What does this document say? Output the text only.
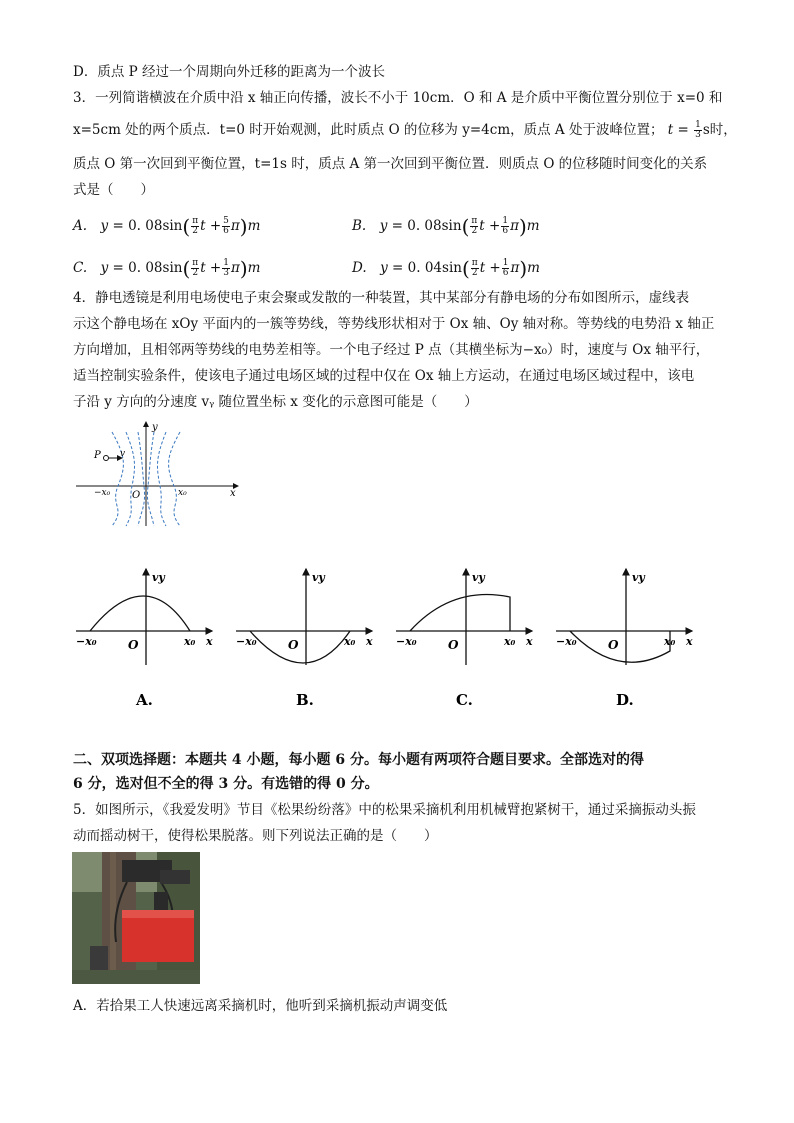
D．质点 P 经过一个周期向外迁移的距离为一个波长
3．一列简谐横波在介质中沿 x 轴正向传播，波长不小于 10cm．O 和 A 是介质中平衡位置分别位于 x=0 和
x=5cm 处的两个质点．t=0 时开始观测，此时质点 O 的位移为 y=4cm，质点 A 处于波峰位置； $t = \frac{1}{3}$ s时，
质点 O 第一次回到平衡位置，t=1s 时，质点 A 第一次回到平衡位置．则质点 O 的位移随时间变化的关系
式是（　　）
A.　 y = 0. $08\sin( \frac{\pi}{2}$ $t + \frac{5}{6} \pi)m$	B.　 y = 0. $08\sin( \frac{\pi}{2}$ $t + \frac{1}{6} \pi)m$
C.　 y = 0. $08\sin( \frac{\pi}{2}$ $t + \frac{1}{3} \pi)m$	D.　 y = 0. $04\sin( \frac{\pi}{2}$ $t + \frac{1}{6} \pi)m$
4．静电透镜是利用电场使电子束会聚或发散的一种装置，其中某部分有静电场的分布如图所示，虚线表
示这个静电场在 xOy 平面内的一簇等势线，等势线形状相对于 Ox 轴、Oy 轴对称。等势线的电势沿 x 轴正
方向增加，且相邻两等势线的电势差相等。一个电子经过 P 点（其横坐标为−x₀）时，速度与 Ox 轴平行，
适当控制实验条件，使该电子通过电场区域的过程中仅在 Ox 轴上方运动，在通过电场区域过程中，该电
子沿 y 方向的分速度 vᵧ 随位置坐标 x 变化的示意图可能是（　　）
P v
y
x
O
−x₀	x₀
vy
−x₀	O	x₀ x
A.
vy
−x₀	O	x₀ x
B.
vy
−x₀	O	x₀ x
C.
vy
−x₀	O	x₀ x
D.
二、双项选择题：本题共 4 小题，每小题 6 分。每小题有两项符合题目要求。全部选对的得
6 分，选对但不全的得 3 分。有选错的得 0 分。
5．如图所示，《我爱发明》节目《松果纷纷落》中的松果采摘机利用机械臂抱紧树干，通过采摘振动头振
动而摇动树干，使得松果脱落。则下列说法正确的是（　　）
A．若拾果工人快速远离采摘机时，他听到采摘机振动声调变低
